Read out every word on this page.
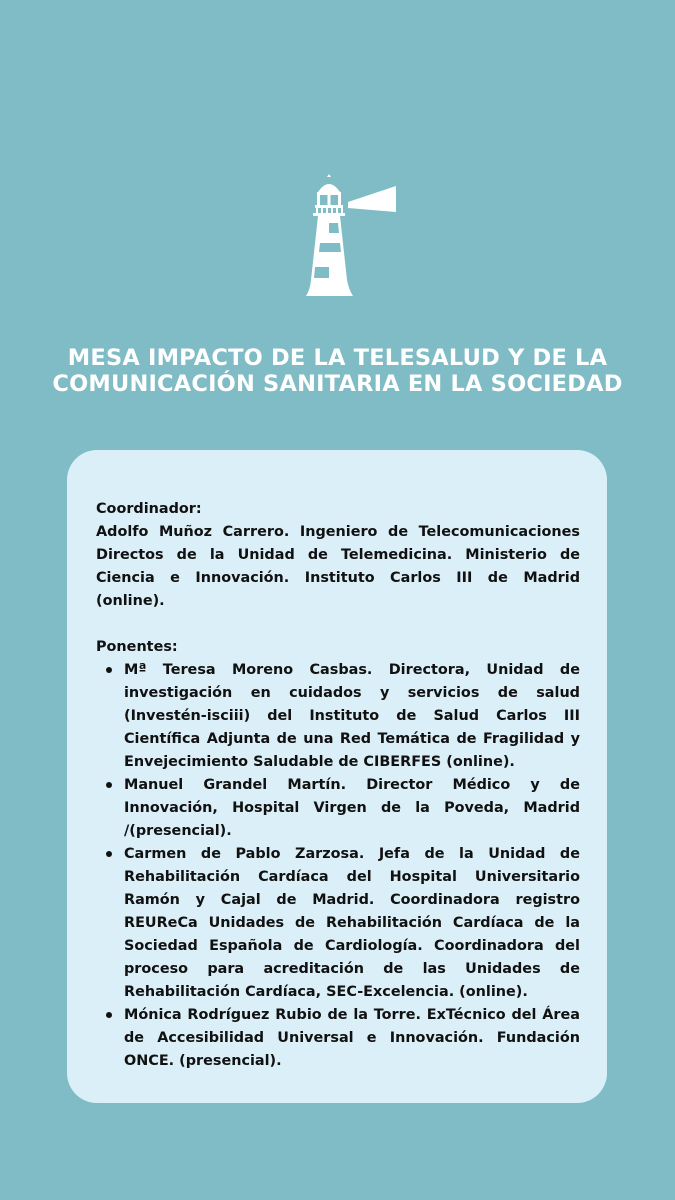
MESA IMPACTO DE LA TELESALUD Y DE LA
COMUNICACIÓN SANITARIA EN LA SOCIEDAD
Coordinador:

Adolfo Muñoz Carrero. Ingeniero de Telecomunicaciones Directos de la Unidad de Telemedicina. Ministerio de Ciencia e Innovación. Instituto Carlos III de Madrid (online).

Ponentes:
Mª Teresa Moreno Casbas. Directora, Unidad de investigación en cuidados y servicios de salud (Investén-isciii) del Instituto de Salud Carlos III Científica Adjunta de una Red Temática de Fragilidad y Envejecimiento Saludable de CIBERFES (online).
Manuel Grandel Martín. Director Médico y de Innovación, Hospital Virgen de la Poveda, Madrid /(presencial).
Carmen de Pablo Zarzosa. Jefa de la Unidad de Rehabilitación Cardíaca del Hospital Universitario Ramón y Cajal de Madrid. Coordinadora registro REUReCa Unidades de Rehabilitación Cardíaca de la Sociedad Española de Cardiología. Coordinadora del proceso para acreditación de las Unidades de Rehabilitación Cardíaca, SEC-Excelencia. (online).
Mónica Rodríguez Rubio de la Torre. ExTécnico del Área de Accesibilidad Universal e Innovación. Fundación ONCE. (presencial).
